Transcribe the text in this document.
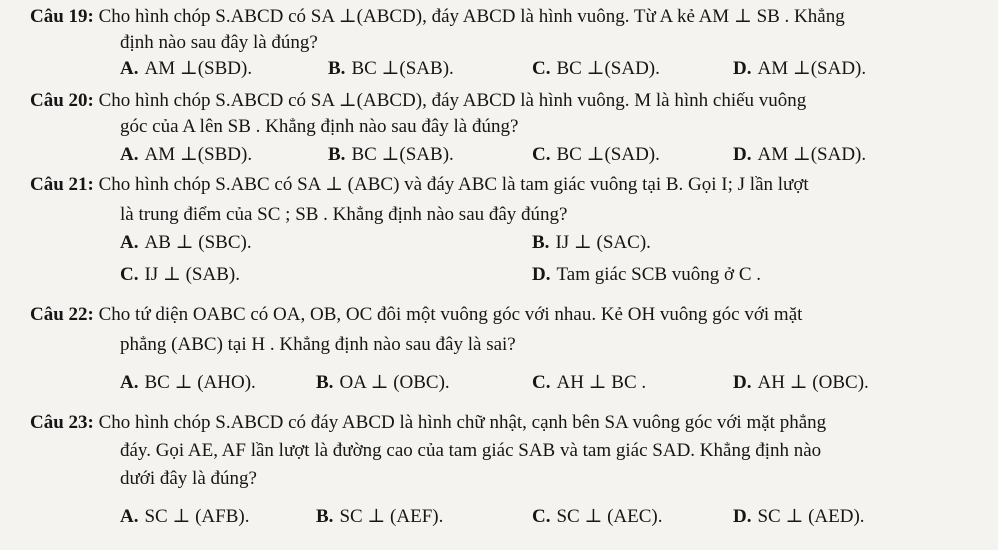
Câu 19: Cho hình chóp S.ABCD có SA ⊥(ABCD), đáy ABCD là hình vuông. Từ A kẻ AM ⊥ SB . Khẳng
định nào sau đây là đúng?
A. AM ⊥(SBD).	B. BC ⊥(SAB).	C. BC ⊥(SAD).	D. AM ⊥(SAD).
Câu 20: Cho hình chóp S.ABCD có SA ⊥(ABCD), đáy ABCD là hình vuông. M là hình chiếu vuông
góc của A lên SB . Khẳng định nào sau đây là đúng?
A. AM ⊥(SBD).	B. BC ⊥(SAB).	C. BC ⊥(SAD).	D. AM ⊥(SAD).
Câu 21: Cho hình chóp S.ABC có SA ⊥ (ABC) và đáy ABC là tam giác vuông tại B. Gọi I; J lần lượt
là trung điểm của SC ; SB . Khẳng định nào sau đây đúng?
A. AB ⊥ (SBC).	B. IJ ⊥ (SAC).
C. IJ ⊥ (SAB).	D. Tam giác SCB vuông ở C .
Câu 22: Cho tứ diện OABC có OA, OB, OC đôi một vuông góc với nhau. Kẻ OH vuông góc với mặt
phẳng (ABC) tại H . Khẳng định nào sau đây là sai?
A. BC ⊥ (AHO).	B. OA ⊥ (OBC).	C. AH ⊥ BC .	D. AH ⊥ (OBC).
Câu 23: Cho hình chóp S.ABCD có đáy ABCD là hình chữ nhật, cạnh bên SA vuông góc với mặt phẳng
đáy. Gọi AE, AF lần lượt là đường cao của tam giác SAB và tam giác SAD. Khẳng định nào
dưới đây là đúng?
A. SC ⊥ (AFB).	B. SC ⊥ (AEF).	C. SC ⊥ (AEC).	D. SC ⊥ (AED).
